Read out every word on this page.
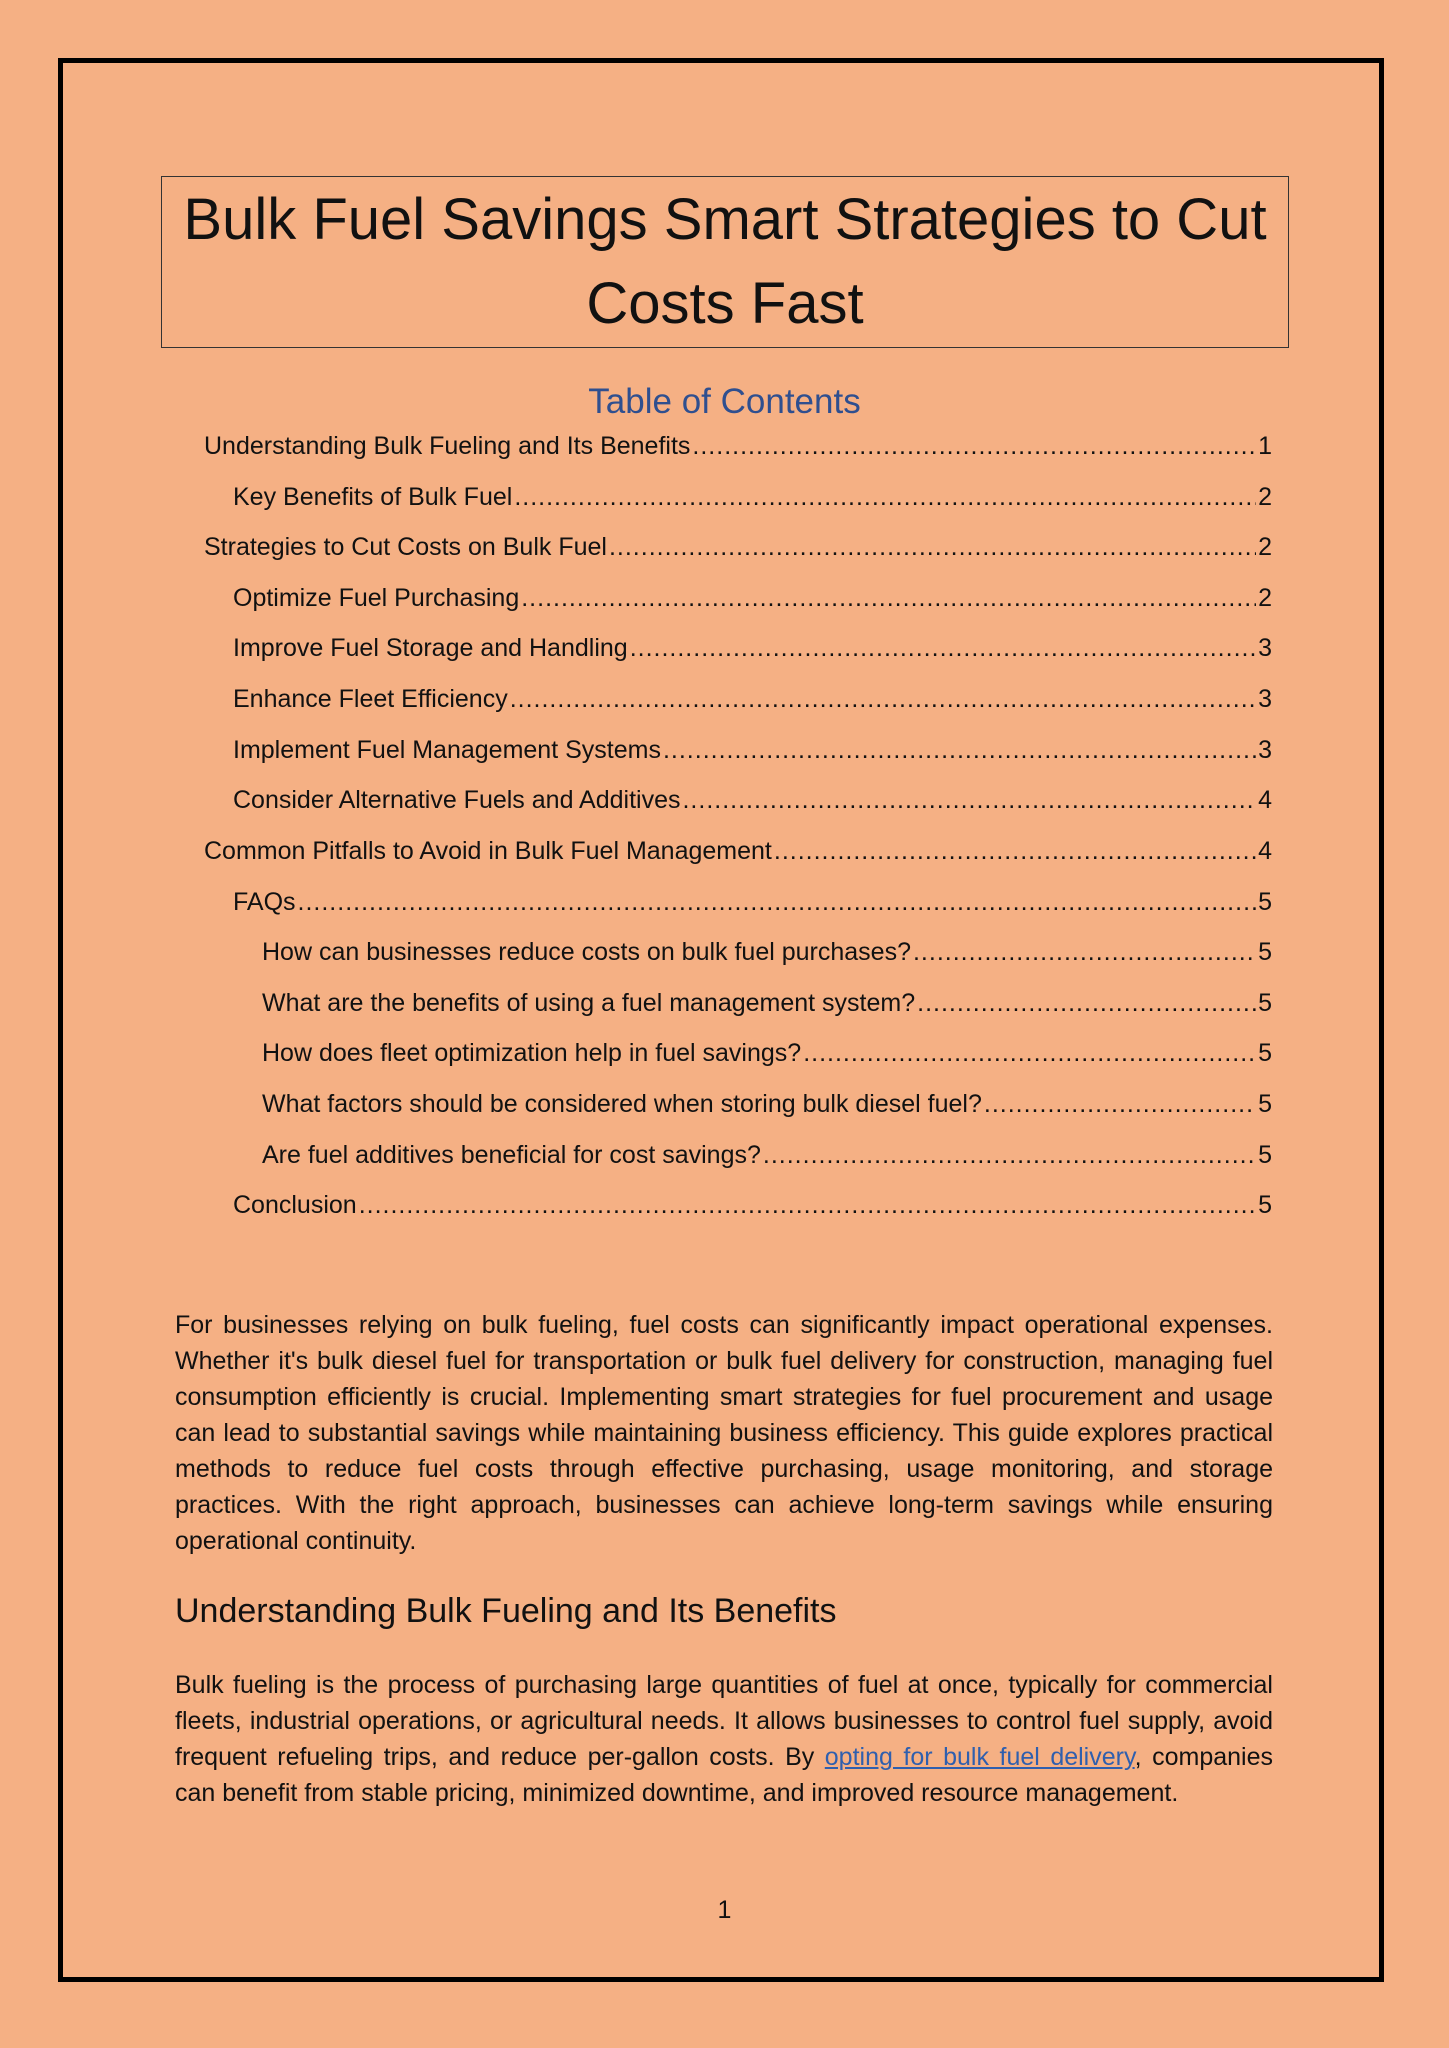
Bulk Fuel Savings Smart Strategies to Cut Costs Fast
Table of Contents
Understanding Bulk Fueling and Its Benefits .....	1
Key Benefits of Bulk Fuel .....	2
Strategies to Cut Costs on Bulk Fuel .....	2
Optimize Fuel Purchasing .....	2
Improve Fuel Storage and Handling .....	3
Enhance Fleet Efficiency .....	3
Implement Fuel Management Systems .....	3
Consider Alternative Fuels and Additives .....	4
Common Pitfalls to Avoid in Bulk Fuel Management .....	4
FAQs .....	5
How can businesses reduce costs on bulk fuel purchases? .....	5
What are the benefits of using a fuel management system? .....	5
How does fleet optimization help in fuel savings? .....	5
What factors should be considered when storing bulk diesel fuel? .....	5
Are fuel additives beneficial for cost savings? .....	5
Conclusion .....	5

For businesses relying on bulk fueling, fuel costs can significantly impact operational expenses. Whether it's bulk diesel fuel for transportation or bulk fuel delivery for construction, managing fuel consumption efficiently is crucial. Implementing smart strategies for fuel procurement and usage can lead to substantial savings while maintaining business efficiency. This guide explores practical methods to reduce fuel costs through effective purchasing, usage monitoring, and storage practices. With the right approach, businesses can achieve long-term savings while ensuring operational continuity.

Understanding Bulk Fueling and Its Benefits

Bulk fueling is the process of purchasing large quantities of fuel at once, typically for commercial fleets, industrial operations, or agricultural needs. It allows businesses to control fuel supply, avoid frequent refueling trips, and reduce per-gallon costs. By opting for bulk fuel delivery, companies can benefit from stable pricing, minimized downtime, and improved resource management.

1
